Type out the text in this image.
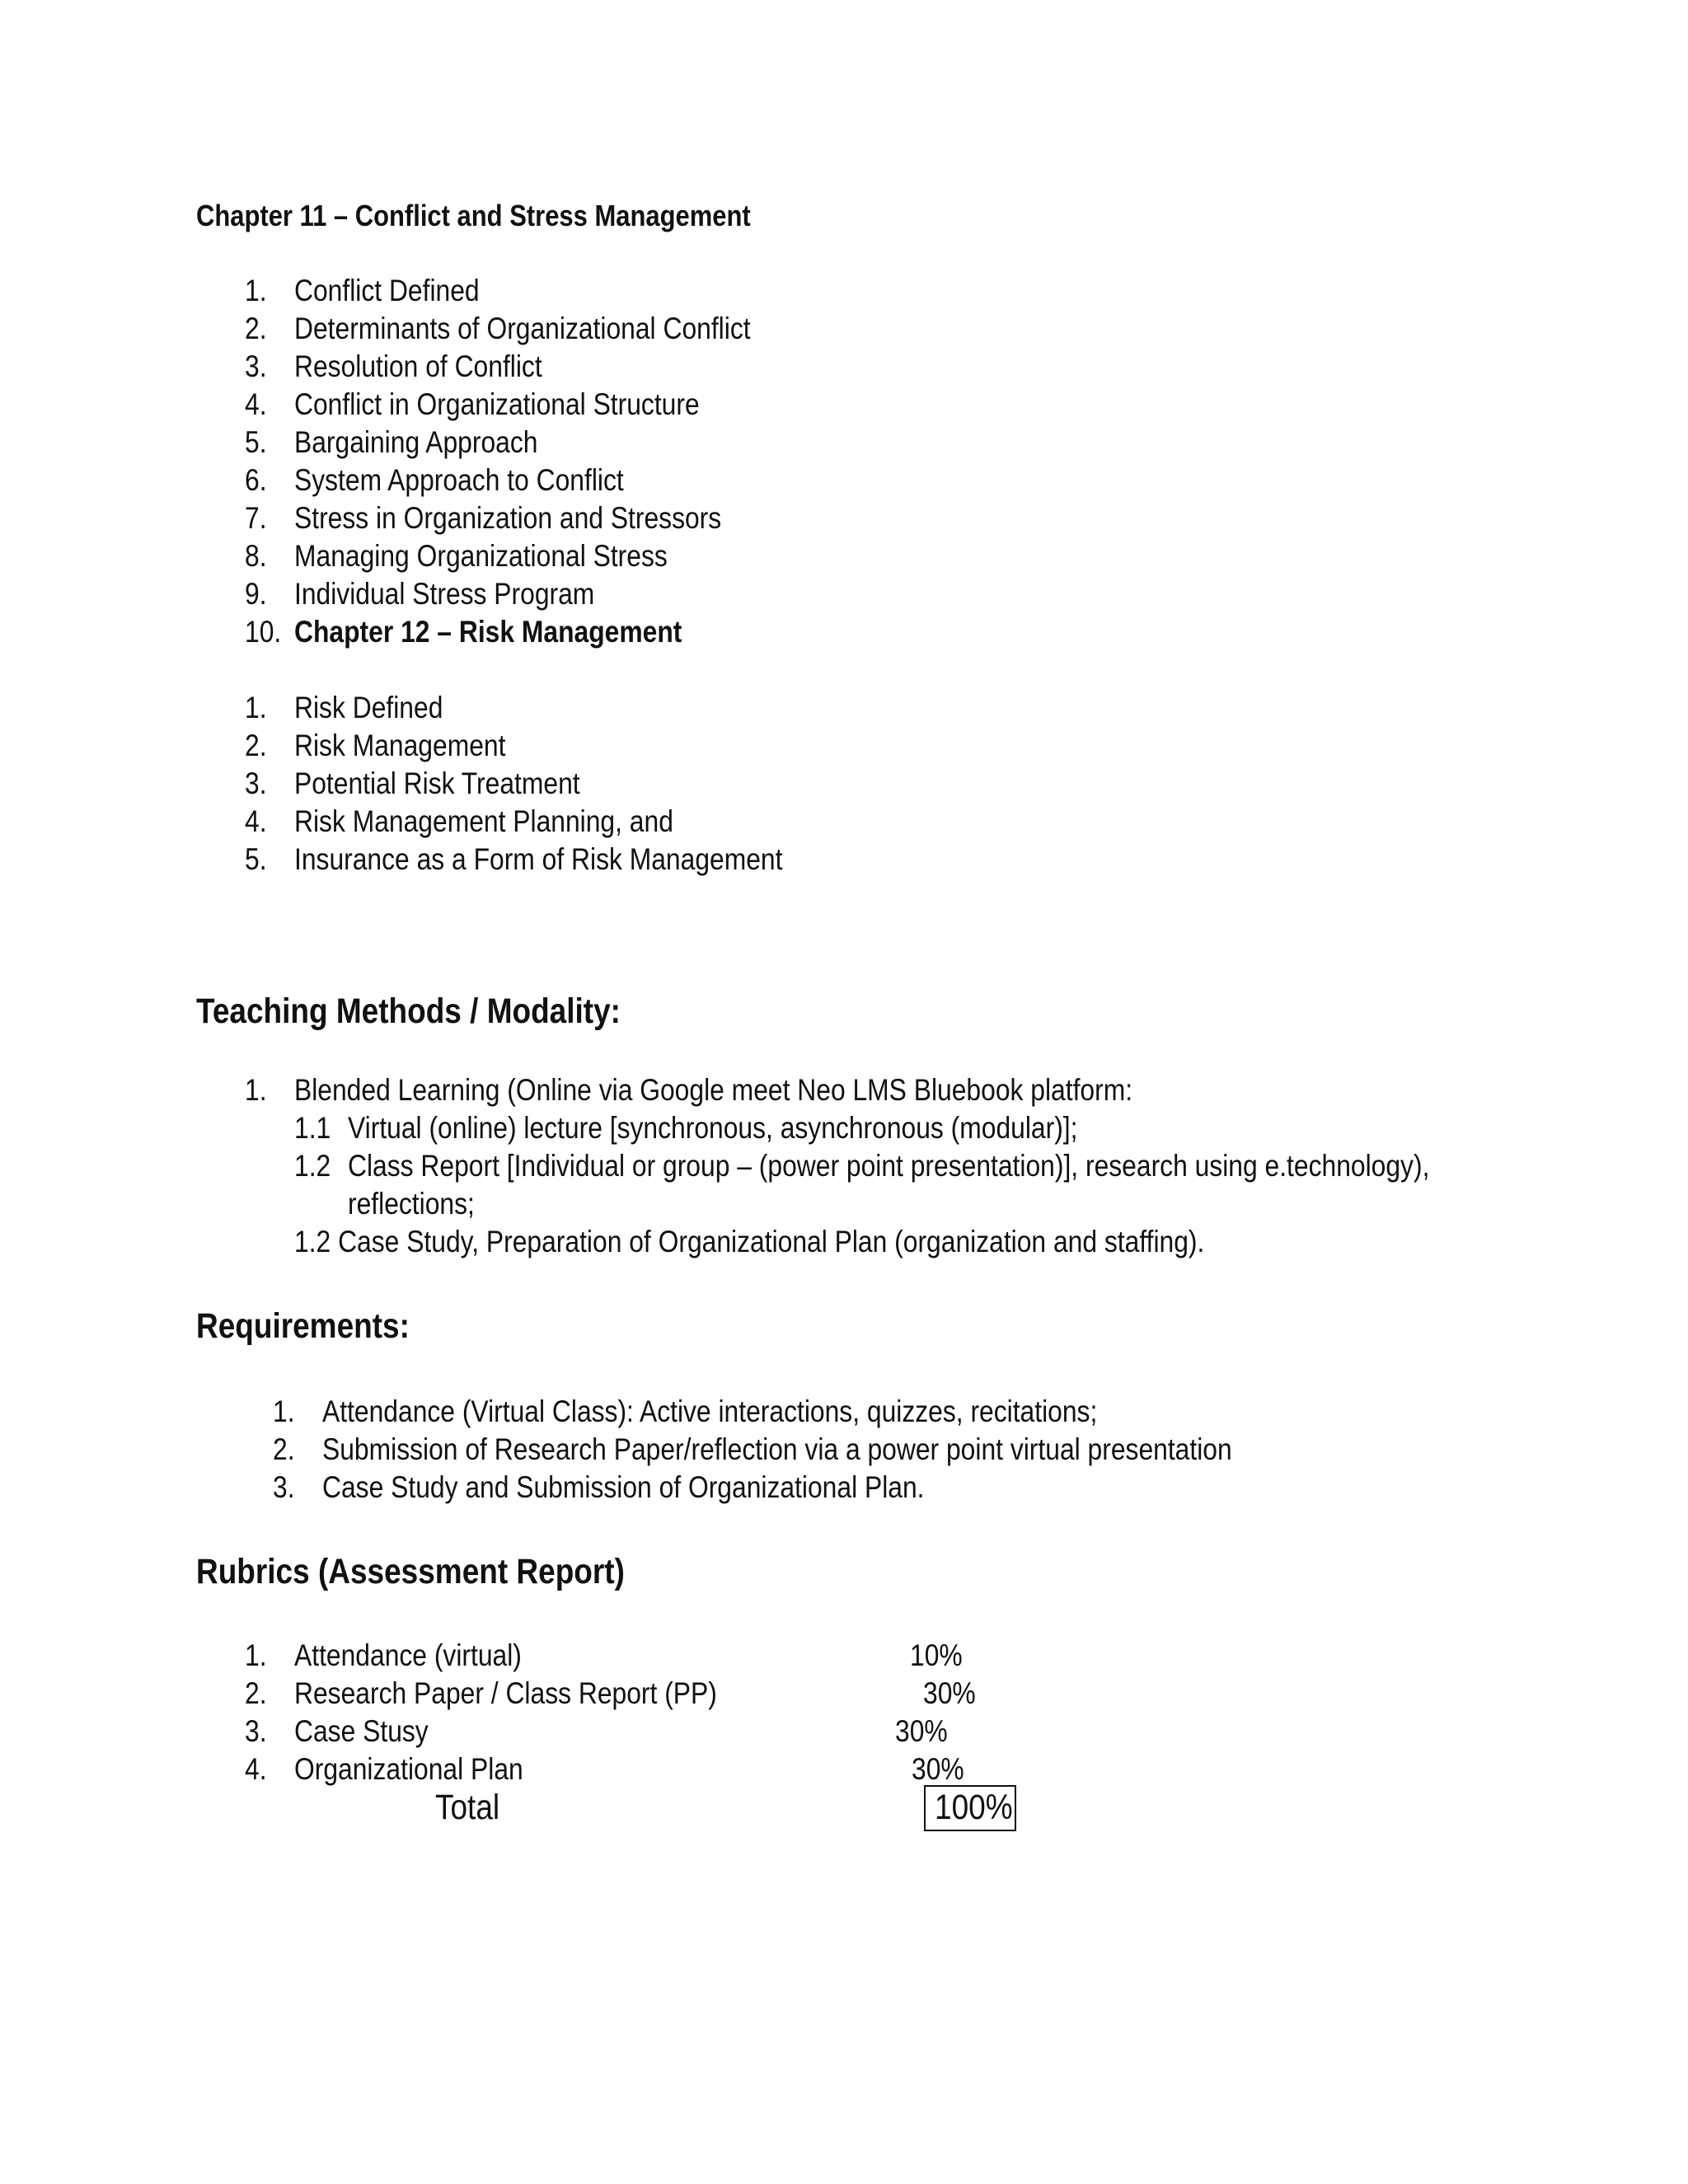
Chapter 11 – Conflict and Stress Management
1. Conflict Defined
2. Determinants of Organizational Conflict
3. Resolution of Conflict
4. Conflict in Organizational Structure
5. Bargaining Approach
6. System Approach to Conflict
7. Stress in Organization and Stressors
8. Managing Organizational Stress
9. Individual Stress Program
10. Chapter 12 – Risk Management
1. Risk Defined
2. Risk Management
3. Potential Risk Treatment
4. Risk Management Planning, and
5. Insurance as a Form of Risk Management
Teaching Methods / Modality:
1. Blended Learning (Online via Google meet Neo LMS Bluebook platform:
1.1 Virtual (online) lecture [synchronous, asynchronous (modular)];
1.2 Class Report [Individual or group – (power point presentation)], research using e.technology),
reflections;
1.2 Case Study, Preparation of Organizational Plan (organization and staffing).
Requirements:
1. Attendance (Virtual Class): Active interactions, quizzes, recitations;
2. Submission of Research Paper/reflection via a power point virtual presentation
3. Case Study and Submission of Organizational Plan.
Rubrics (Assessment Report)
1. Attendance (virtual)	10%
2. Research Paper / Class Report (PP)	30%
3. Case Stusy	30%
4. Organizational Plan	30%
Total	100%
